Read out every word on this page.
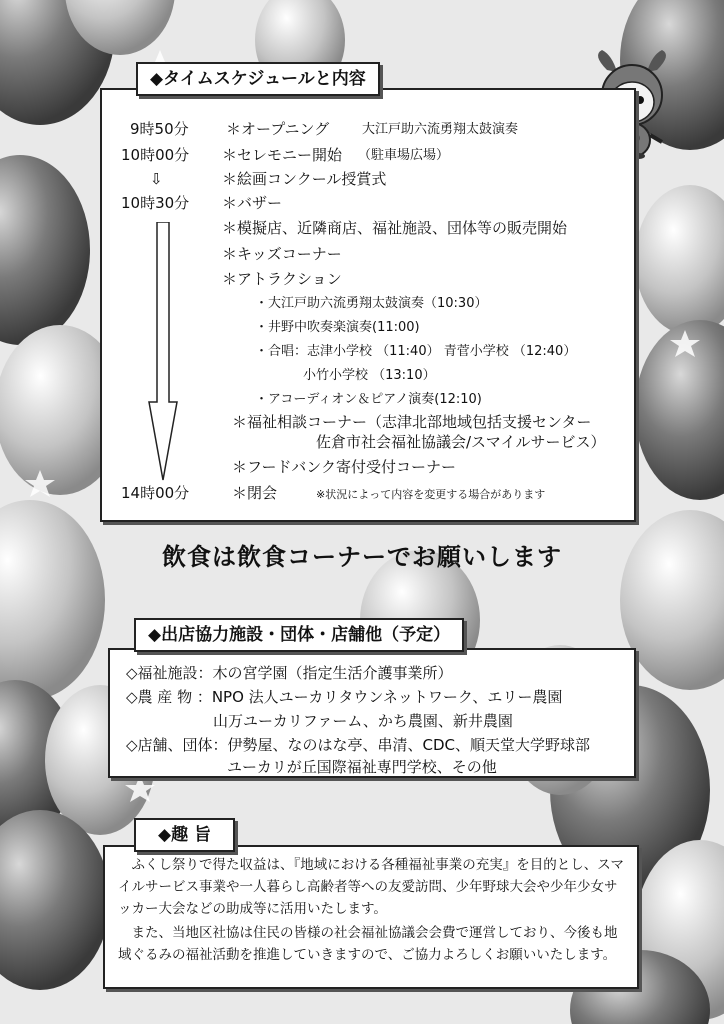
◆タイムスケジュールと内容
9時50分
10時00分
⇩
10時30分
14時00分
＊オープニング	大江戸助六流勇翔太鼓演奏
＊セレモニー開始 （駐車場広場）
＊絵画コンクール授賞式
＊バザー
＊模擬店、近隣商店、福祉施設、団体等の販売開始
＊キッズコーナー
＊アトラクション
・大江戸助六流勇翔太鼓演奏（10:30）
・井野中吹奏楽演奏(11:00)
・合唱：志津小学校 （11:40） 青菅小学校 （12:40）
小竹小学校 （13:10）
・アコーディオン＆ピアノ演奏(12:10)
＊福祉相談コーナー（志津北部地域包括支援センター
佐倉市社会福祉協議会/スマイルサービス）
＊フードバンク寄付受付コーナー
＊閉会	※状況によって内容を変更する場合があります
飲食は飲食コーナーでお願いします
◆出店協力施設・団体・店舗他（予定）
◇福祉施設：木の宮学園（指定生活介護事業所）
◇農 産 物 ：NPO 法人ユーカリタウンネットワーク、エリー農園
山万ユーカリファーム、かち農園、新井農園
◇店舗、団体：伊勢屋、なのはな亭、串清、CDC、順天堂大学野球部
ユーカリが丘国際福祉専門学校、その他
◆趣 旨
ふくし祭りで得た収益は、『地域における各種福祉事業の充実』を目的とし、スマイルサービス事業や一人暮らし高齢者等への友愛訪問、少年野球大会や少年少女サッカー大会などの助成等に活用いたします。
また、当地区社協は住民の皆様の社会福祉協議会会費で運営しており、今後も地域ぐるみの福祉活動を推進していきますので、ご協力よろしくお願いいたします。
